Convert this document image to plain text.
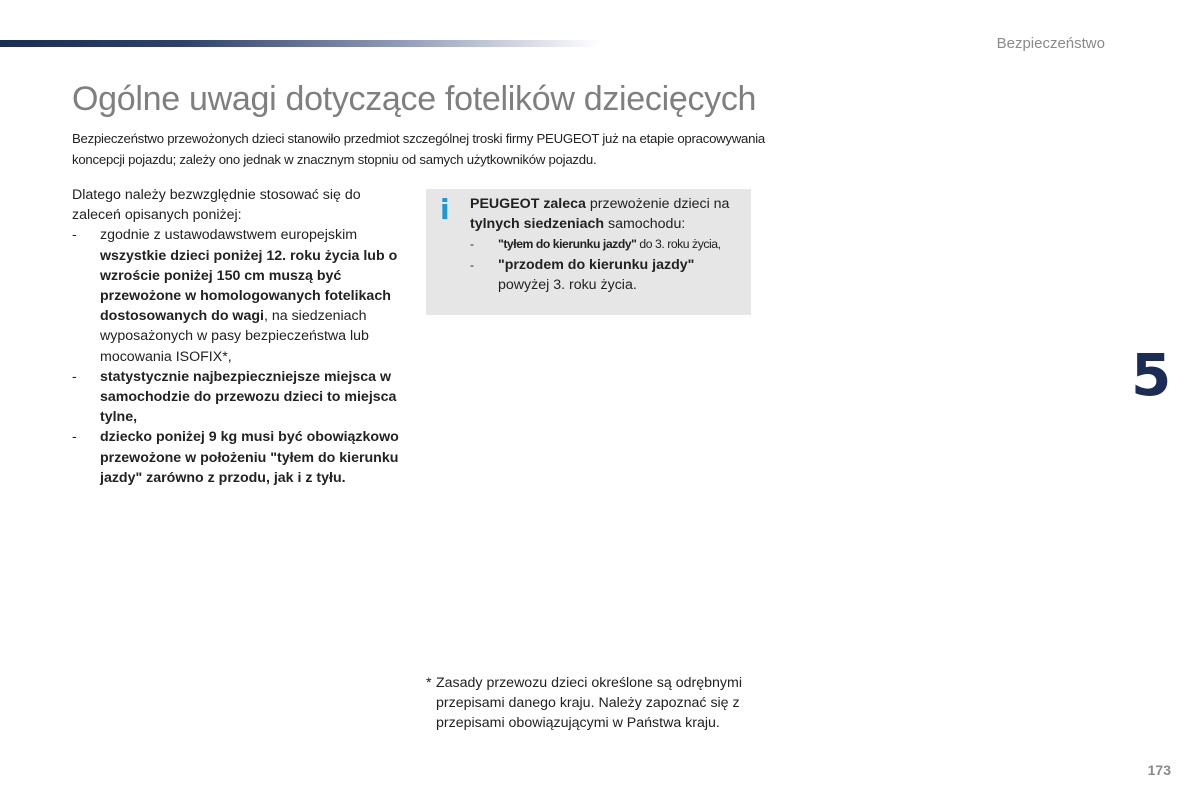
Bezpieczeństwo
Ogólne uwagi dotyczące fotelików dziecięcych
Bezpieczeństwo przewożonych dzieci stanowiło przedmiot szczególnej troski firmy PEUGEOT już na etapie opracowywania koncepcji pojazdu; zależy ono jednak w znacznym stopniu od samych użytkowników pojazdu.

Dlatego należy bezwzględnie stosować się do zaleceń opisanych poniżej:

- zgodnie z ustawodawstwem europejskim wszystkie dzieci poniżej 12. roku życia lub o wzroście poniżej 150 cm muszą być przewożone w homologowanych fotelikach dostosowanych do wagi, na siedzeniach wyposażonych w pasy bezpieczeństwa lub mocowania ISOFIX*,
- statystycznie najbezpieczniejsze miejsca w samochodzie do przewozu dzieci to miejsca tylne,
- dziecko poniżej 9 kg musi być obowiązkowo przewożone w położeniu "tyłem do kierunku jazdy" zarówno z przodu, jak i z tyłu.
i PEUGEOT zaleca przewożenie dzieci na tylnych siedzeniach samochodu:
- "tyłem do kierunku jazdy" do 3. roku życia,
- "przodem do kierunku jazdy" powyżej 3. roku życia.
5
* Zasady przewozu dzieci określone są odrębnymi przepisami danego kraju. Należy zapoznać się z przepisami obowiązującymi w Państwa kraju.
173
